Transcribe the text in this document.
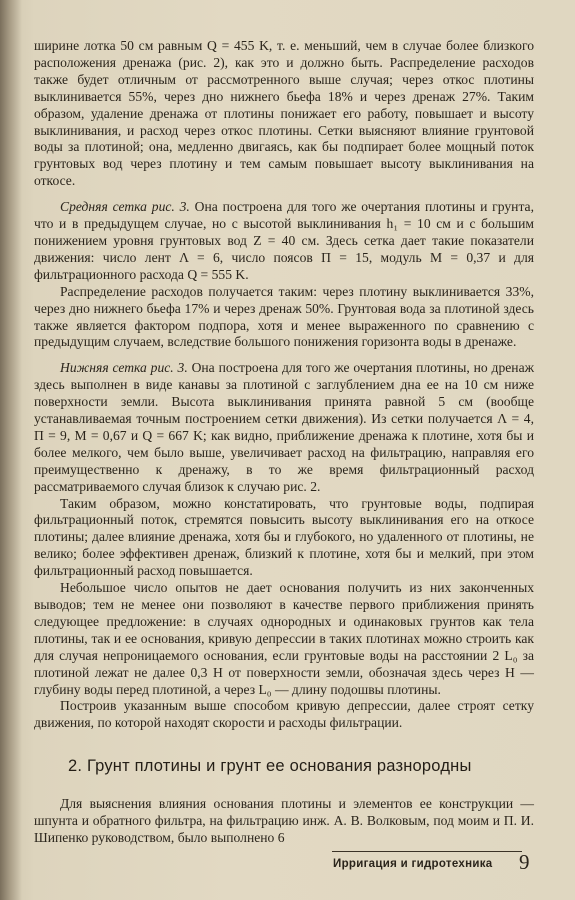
ширине лотка 50 см равным Q = 455 K, т. е. меньший, чем в случае более близкого расположения дренажа (рис. 2), как это и должно быть. Распределение расходов также будет отличным от рассмотренного выше случая; через откос плотины выклинивается 55%, через дно нижнего бьефа 18% и через дренаж 27%. Таким образом, удаление дренажа от плотины понижает его работу, повышает и высоту выклинивания, и расход через откос плотины. Сетки выясняют влияние грунтовой воды за плотиной; она, медленно двигаясь, как бы подпирает более мощный поток грунтовых вод через плотину и тем самым повышает высоту выклинивания на откосе.

Средняя сетка рис. 3. Она построена для того же очертания плотины и грунта, что и в предыдущем случае, но с высотой выклинивания h₁ = 10 см и с большим понижением уровня грунтовых вод Z = 40 см. Здесь сетка дает такие показатели движения: число лент Λ = 6, число поясов Π = 15, модуль M = 0,37 и для фильтрационного расхода Q = 555 K.

Распределение расходов получается таким: через плотину выклинивается 33%, через дно нижнего бьефа 17% и через дренаж 50%. Грунтовая вода за плотиной здесь также является фактором подпора, хотя и менее выраженного по сравнению с предыдущим случаем, вследствие большого понижения горизонта воды в дренаже.

Нижняя сетка рис. 3. Она построена для того же очертания плотины, но дренаж здесь выполнен в виде канавы за плотиной с заглублением дна ее на 10 см ниже поверхности земли. Высота выклинивания принята равной 5 см (вообще устанавливаемая точным построением сетки движения). Из сетки получается Λ = 4, Π = 9, M = 0,67 и Q = 667 K; как видно, приближение дренажа к плотине, хотя бы и более мелкого, чем было выше, увеличивает расход на фильтрацию, направляя его преимущественно к дренажу, в то же время фильтрационный расход рассматриваемого случая близок к случаю рис. 2.

Таким образом, можно констатировать, что грунтовые воды, подпирая фильтрационный поток, стремятся повысить высоту выклинивания его на откосе плотины; далее влияние дренажа, хотя бы и глубокого, но удаленного от плотины, не велико; более эффективен дренаж, близкий к плотине, хотя бы и мелкий, при этом фильтрационный расход повышается.

Небольшое число опытов не дает основания получить из них законченных выводов; тем не менее они позволяют в качестве первого приближения принять следующее предложение: в случаях однородных и одинаковых грунтов как тела плотины, так и ее основания, кривую депрессии в таких плотинах можно строить как для случая непроницаемого основания, если грунтовые воды на расстоянии 2 L₀ за плотиной лежат не далее 0,3 H от поверхности земли, обозначая здесь через H — глубину воды перед плотиной, а через L₀ — длину подошвы плотины.

Построив указанным выше способом кривую депрессии, далее строят сетку движения, по которой находят скорости и расходы фильтрации.

2. Грунт плотины и грунт ее основания разнородны

Для выяснения влияния основания плотины и элементов ее конструкции — шпунта и обратного фильтра, на фильтрацию инж. А. В. Волковым, под моим и П. И. Шипенко руководством, было выполнено 6

Ирригация и гидротехника 9
